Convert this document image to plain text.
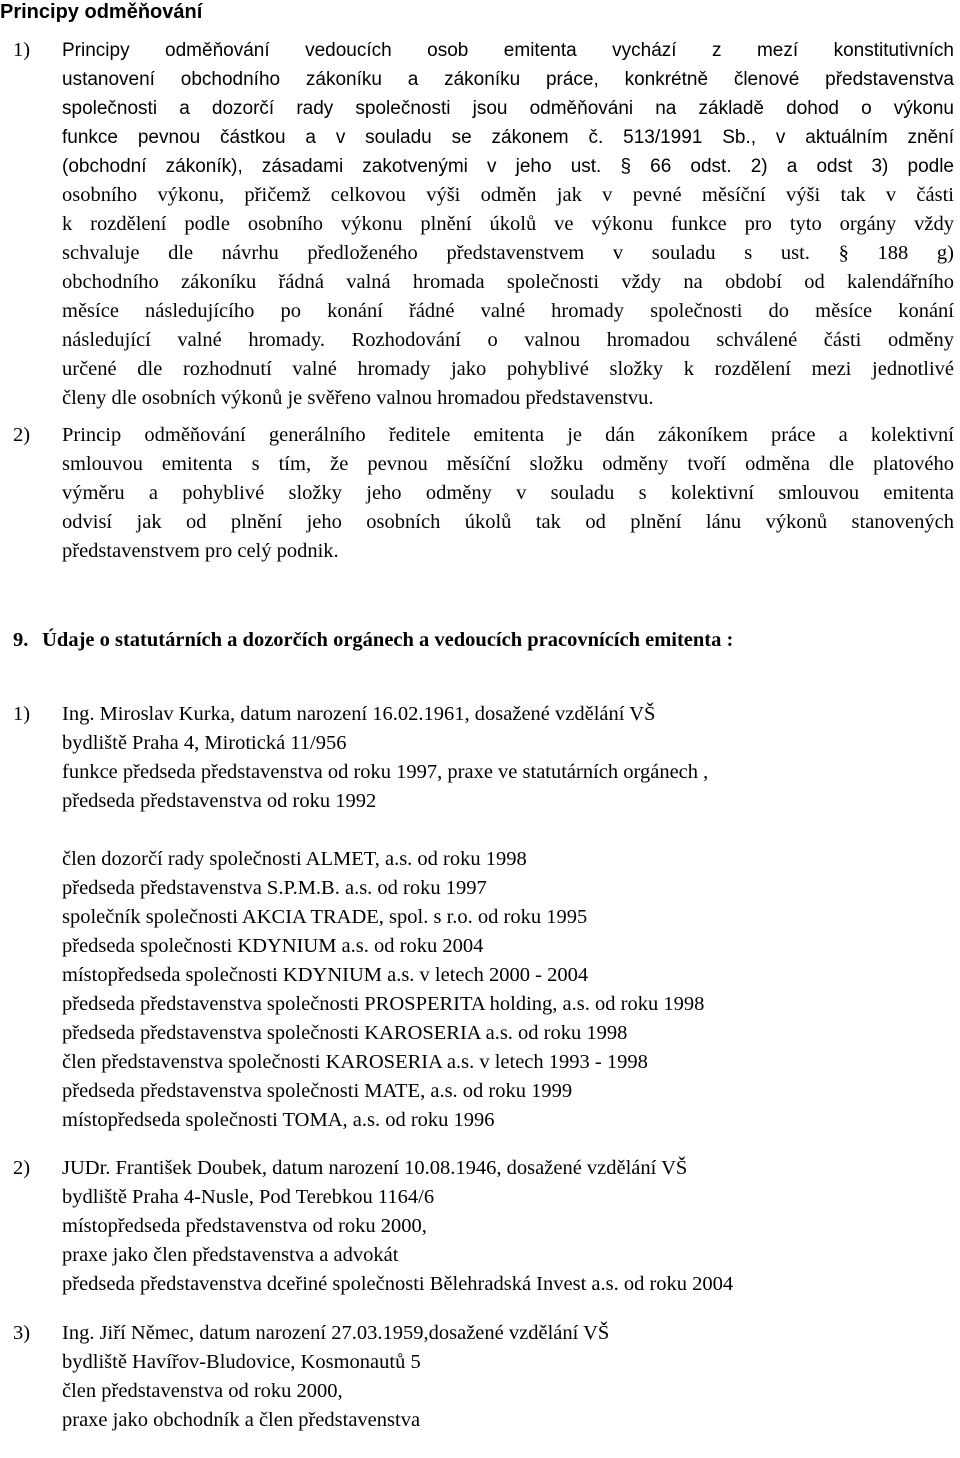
Principy odměňování
1) Principy odměňování vedoucích osob emitenta vychází z mezí konstitutivních
ustanovení obchodního zákoníku a zákoníku práce, konkrétně členové představenstva
společnosti a dozorčí rady společnosti jsou odměňováni na základě dohod o výkonu
funkce pevnou částkou a v souladu se zákonem č. 513/1991 Sb., v aktuálním znění
(obchodní zákoník), zásadami zakotvenými v jeho ust. § 66 odst. 2) a odst 3) podle
osobního výkonu, přičemž celkovou výši odměn jak v pevné měsíční výši tak v části
k rozdělení podle osobního výkonu plnění úkolů ve výkonu funkce pro tyto orgány vždy
schvaluje dle návrhu předloženého představenstvem v souladu s ust. § 188 g)
obchodního zákoníku řádná valná hromada společnosti vždy na období od kalendářního
měsíce následujícího po konání řádné valné hromady společnosti do měsíce konání
následující valné hromady. Rozhodování o valnou hromadou schválené části odměny
určené dle rozhodnutí valné hromady jako pohyblivé složky k rozdělení mezi jednotlivé
členy dle osobních výkonů je svěřeno valnou hromadou představenstvu.
2) Princip odměňování generálního ředitele emitenta je dán zákoníkem práce a kolektivní
smlouvou emitenta s tím, že pevnou měsíční složku odměny tvoří odměna dle platového
výměru a pohyblivé složky jeho odměny v souladu s kolektivní smlouvou emitenta
odvisí jak od plnění jeho osobních úkolů tak od plnění lánu výkonů stanovených
představenstvem pro celý podnik.
9. Údaje o statutárních a dozorčích orgánech a vedoucích pracovnících emitenta :
1) Ing. Miroslav Kurka, datum narození 16.02.1961, dosažené vzdělání VŠ
bydliště Praha 4, Mirotická 11/956
funkce předseda představenstva od roku 1997, praxe ve statutárních orgánech ,
předseda představenstva od roku 1992
člen dozorčí rady společnosti ALMET, a.s. od roku 1998
předseda představenstva S.P.M.B. a.s. od roku 1997
společník společnosti AKCIA TRADE, spol. s r.o. od roku 1995
předseda společnosti KDYNIUM a.s. od roku 2004
místopředseda společnosti KDYNIUM a.s. v letech 2000 - 2004
předseda představenstva společnosti PROSPERITA holding, a.s. od roku 1998
předseda představenstva společnosti KAROSERIA a.s. od roku 1998
člen představenstva společnosti KAROSERIA a.s. v letech 1993 - 1998
předseda představenstva společnosti MATE, a.s. od roku 1999
místopředseda společnosti TOMA, a.s. od roku 1996
2) JUDr. František Doubek, datum narození 10.08.1946, dosažené vzdělání VŠ
bydliště Praha 4-Nusle, Pod Terebkou 1164/6
místopředseda představenstva od roku 2000,
praxe jako člen představenstva a advokát
předseda představenstva dceřiné společnosti Bělehradská Invest a.s. od roku 2004
3) Ing. Jiří Němec, datum narození 27.03.1959,dosažené vzdělání VŠ
bydliště Havířov-Bludovice, Kosmonautů 5
člen představenstva od roku 2000,
praxe jako obchodník a člen představenstva
